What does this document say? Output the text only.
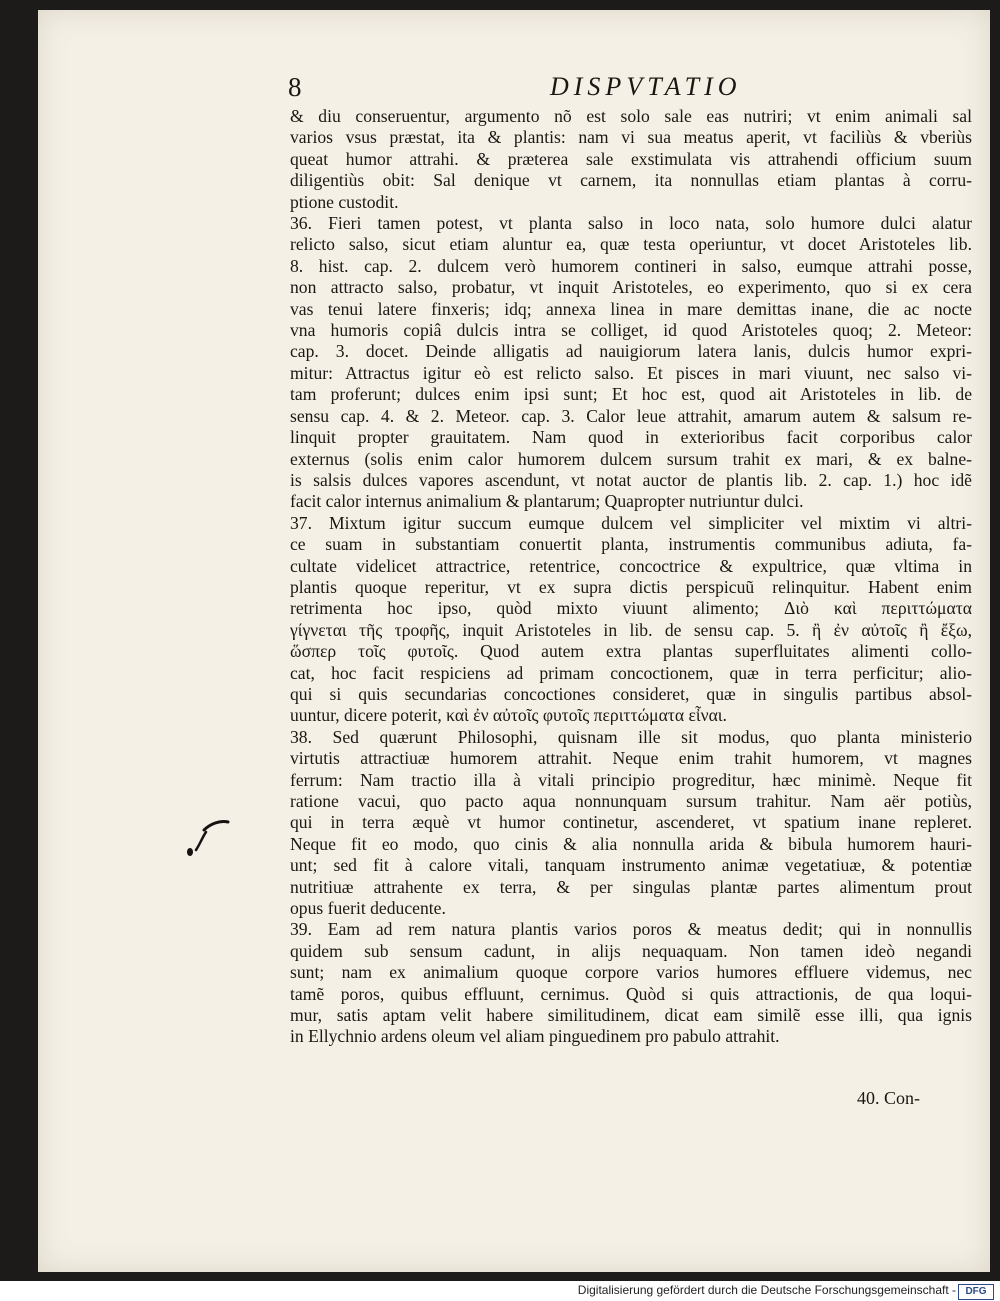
8	DISPVTATIO
& diu conseruentur, argumento nõ est solo sale eas nutriri; vt enim animali sal
varios vsus præstat, ita & plantis: nam vi sua meatus aperit, vt faciliùs & vberiùs
queat humor attrahi. & præterea sale exstimulata vis attrahendi officium suum
diligentiùs obit: Sal denique vt carnem, ita nonnullas etiam plantas à corru-
ptione custodit.
36. Fieri tamen potest, vt planta salso in loco nata, solo humore dulci alatur
relicto salso, sicut etiam aluntur ea, quæ testa operiuntur, vt docet Aristoteles lib.
8. hist. cap. 2. dulcem verò humorem contineri in salso, eumque attrahi posse,
non attracto salso, probatur, vt inquit Aristoteles, eo experimento, quo si ex cera
vas tenui latere finxeris; idq; annexa linea in mare demittas inane, die ac nocte
vna humoris copiâ dulcis intra se colliget, id quod Aristoteles quoq; 2. Meteor:
cap. 3. docet. Deinde alligatis ad nauigiorum latera lanis, dulcis humor expri-
mitur: Attractus igitur eò est relicto salso. Et pisces in mari viuunt, nec salso vi-
tam proferunt; dulces enim ipsi sunt; Et hoc est, quod ait Aristoteles in lib. de
sensu cap. 4. & 2. Meteor. cap. 3. Calor leue attrahit, amarum autem & salsum re-
linquit propter grauitatem. Nam quod in exterioribus facit corporibus calor
externus (solis enim calor humorem dulcem sursum trahit ex mari, & ex balne-
is salsis dulces vapores ascendunt, vt notat auctor de plantis lib. 2. cap. 1.) hoc idẽ
facit calor internus animalium & plantarum; Quapropter nutriuntur dulci.
37. Mixtum igitur succum eumque dulcem vel simpliciter vel mixtim vi altri-
ce suam in substantiam conuertit planta, instrumentis communibus adiuta, fa-
cultate videlicet attractrice, retentrice, concoctrice & expultrice, quæ vltima in
plantis quoque reperitur, vt ex supra dictis perspicuũ relinquitur. Habent enim
retrimenta hoc ipso, quòd mixto viuunt alimento; Διὸ καὶ περιττώματα
γίγνεται τῆς τροφῆς, inquit Aristoteles in lib. de sensu cap. 5. ἢ ἐν αὐτοῖς ἢ ἔξω,
ὥσπερ τοῖς φυτοῖς. Quod autem extra plantas superfluitates alimenti collo-
cat, hoc facit respiciens ad primam concoctionem, quæ in terra perficitur; alio-
qui si quis secundarias concoctiones consideret, quæ in singulis partibus absol-
uuntur, dicere poterit, καὶ ἐν αὐτοῖς φυτοῖς περιττώματα εἶναι.
38. Sed quærunt Philosophi, quisnam ille sit modus, quo planta ministerio
virtutis attractiuæ humorem attrahit. Neque enim trahit humorem, vt magnes
ferrum: Nam tractio illa à vitali principio progreditur, hæc minimè. Neque fit
ratione vacui, quo pacto aqua nonnunquam sursum trahitur. Nam aër potiùs,
qui in terra æquè vt humor continetur, ascenderet, vt spatium inane repleret.
Neque fit eo modo, quo cinis & alia nonnulla arida & bibula humorem hauri-
unt; sed fit à calore vitali, tanquam instrumento animæ vegetatiuæ, & potentiæ
nutritiuæ attrahente ex terra, & per singulas plantæ partes alimentum prout
opus fuerit deducente.
39. Eam ad rem natura plantis varios poros & meatus dedit; qui in nonnullis
quidem sub sensum cadunt, in alijs nequaquam. Non tamen ideò negandi
sunt; nam ex animalium quoque corpore varios humores effluere videmus, nec
tamẽ poros, quibus effluunt, cernimus. Quòd si quis attractionis, de qua loqui-
mur, satis aptam velit habere similitudinem, dicat eam similẽ esse illi, qua ignis
in Ellychnio ardens oleum vel aliam pinguedinem pro pabulo attrahit.
40. Con-
Digitalisierung gefördert durch die Deutsche Forschungsgemeinschaft - DFG
